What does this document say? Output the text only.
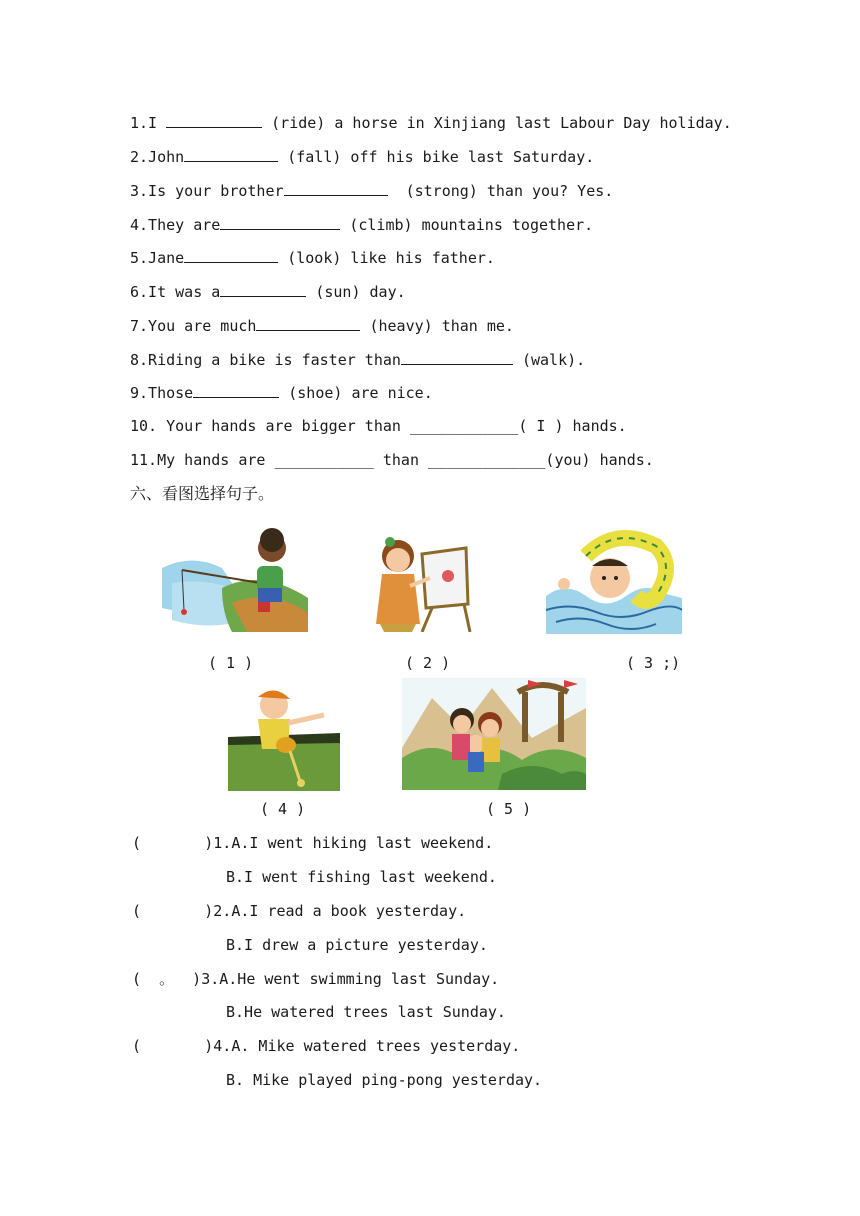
1.I	(ride) a horse in Xinjiang last Labour Day holiday.
2.John	(fall) off his bike last Saturday.
3.Is your brother	(strong) than you? Yes.
4.They are	(climb) mountains together.
5.Jane	(look) like his father.
6.It was a	(sun) day.
7.You are much	(heavy) than me.
8.Riding a bike is faster than	(walk).
9.Those	(shoe) are nice.
10. Your hands are bigger than ____________( I ) hands.
11.My hands are ___________ than _____________(you) hands.
六、看图选择句子。
( 1 )	( 2 )	( 3 ;)
( 4 )	( 5 )
(       )1.A.I went hiking last weekend.
B.I went fishing last weekend.
(       )2.A.I read a book yesterday.
B.I drew a picture yesterday.
(  。  )3.A.He went swimming last Sunday.
B.He watered trees last Sunday.
(       )4.A. Mike watered trees yesterday.
B. Mike played ping-pong yesterday.
